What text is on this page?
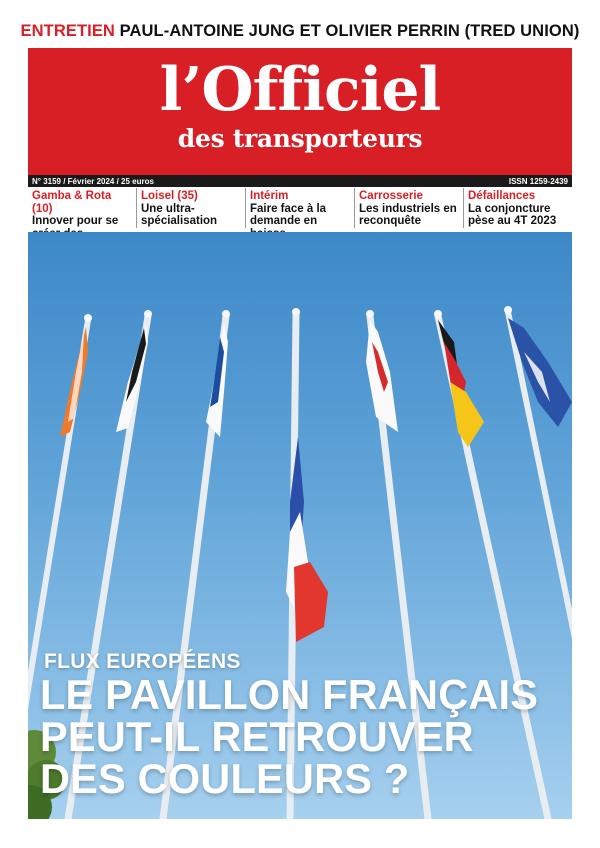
ENTRETIEN PAUL-ANTOINE JUNG ET OLIVIER PERRIN (TRED UNION)
l’Officiel
des transporteurs
N° 3159 / Février 2024 / 25 euros	ISSN 1259-2439
Gamba & Rota (10)
Innover pour se
Loisel (35)
Une ultra-spécialisation
Intérim
Faire face à la demande en
Carrosserie
Les industriels en reconquête
Défaillances
La conjoncture pèse au 4T 2023
FLUX EUROPÉENS
LE PAVILLON FRANÇAIS
PEUT-IL RETROUVER
DES COULEURS ?
